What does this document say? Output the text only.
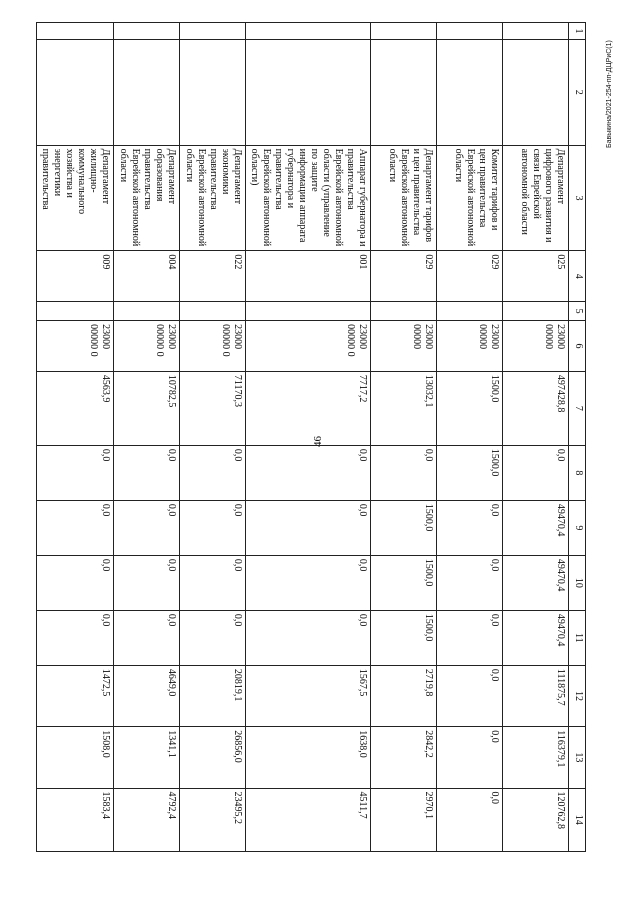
46
Бавыкина/2021-254-пп-ДЦРиС(1)
1	2	3	4	5	6	7	8	9	10	11	12	13	14
		Департамент цифрового развития и связи Еврейской автономной области	025		23000 00000	497428,8	0,0	49470,4	49470,4	49470,4	111875,7	116379,1	120762,8
		Комитет тарифов и цен правительства Еврейской автономной области	029		23000 00000	1500,0	1500,0	0,0	0,0	0,0	0,0	0,0	0,0
		Департамент тарифов и цен правительства Еврейской автономной области	029		23000 00000	13032,1	0,0	1500,0	1500,0	1500,0	2719,8	2842,2	2970,1
		Аппарат губернатора и правительства Еврейской автономной области (управление по защите информации аппарата губернатора и правительства Еврейской автономной области)	001		23000 00000 0	7717,2	0,0	0,0	0,0	0,0	1567,5	1638,0	4511,7
		Департамент экономики правительства Еврейской автономной области	022		23000 00000 0	71170,3	0,0	0,0	0,0	0,0	20819,1	26856,0	23495,2
		Департамент образования правительства Еврейской автономной области	004		23000 00000 0	10782,5	0,0	0,0	0,0	0,0	4649,0	1341,1	4792,4
		Департамент жилищно-коммунального хозяйства и энергетики правительства	009		23000 00000 0	4563,9	0,0	0,0	0,0	0,0	1472,5	1508,0	1583,4
